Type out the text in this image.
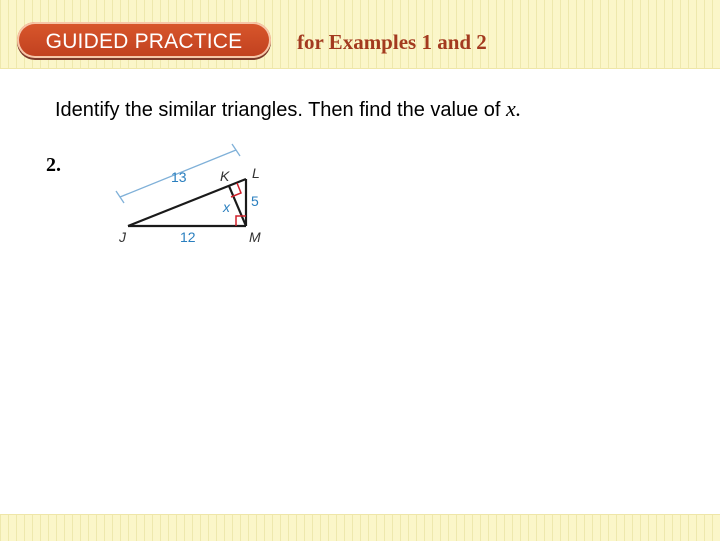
GUIDED PRACTICE	for Examples 1 and 2
Identify the similar triangles. Then find the value of x.
2.
J
K L
M
13
12
5
x
